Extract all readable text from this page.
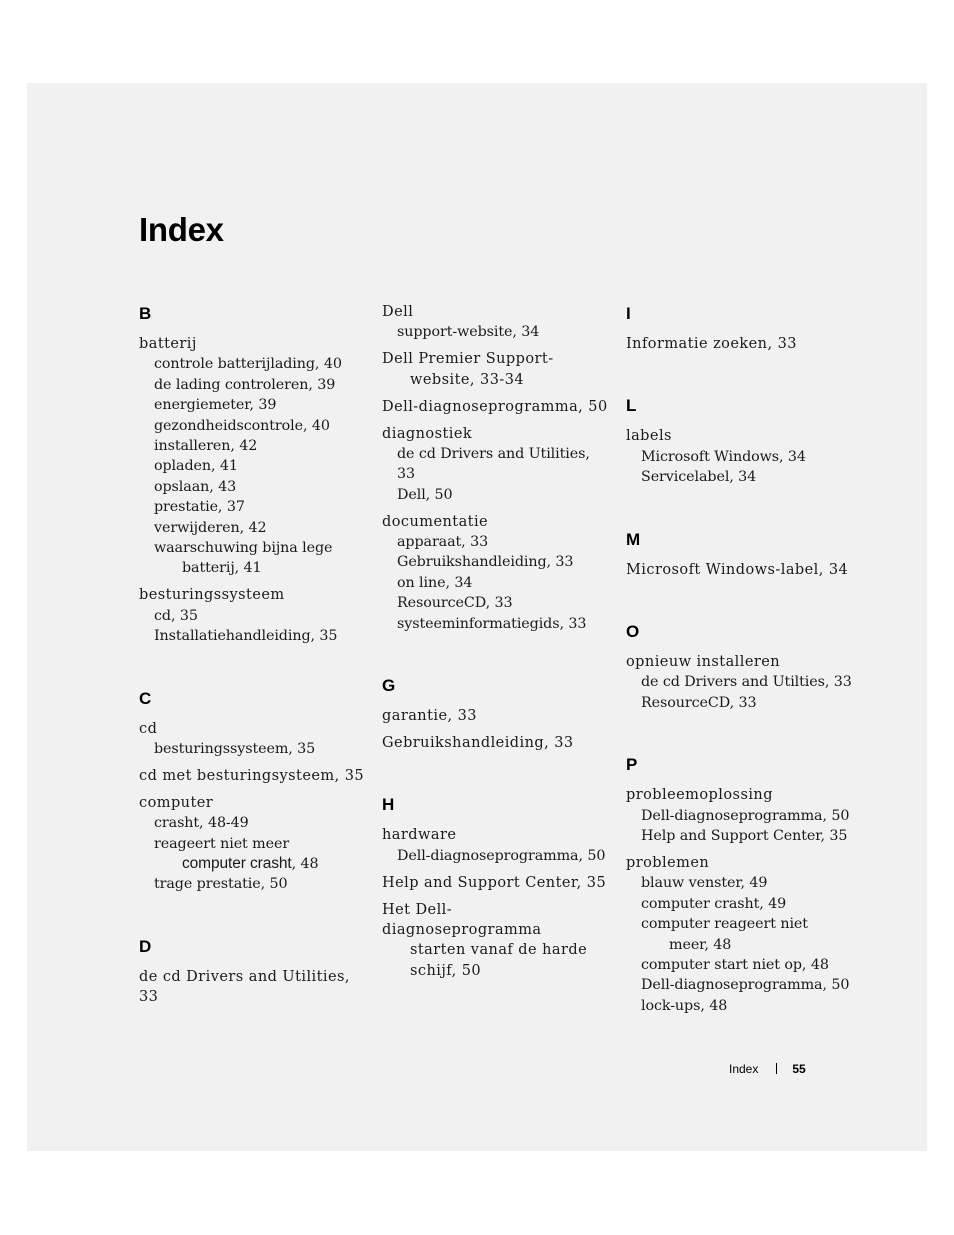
Index
B
batterij
controle batterijlading, 40
de lading controleren, 39
energiemeter, 39
gezondheidscontrole, 40
installeren, 42
opladen, 41
opslaan, 43
prestatie, 37
verwijderen, 42
waarschuwing bijna lege
batterij, 41
besturingssysteem
cd, 35
Installatiehandleiding, 35
C
cd
besturingssysteem, 35
cd met besturingsysteem, 35
computer
crasht, 48-49
reageert niet meer
computer crasht, 48
trage prestatie, 50
D
de cd Drivers and Utilities, 33
Dell
support-website, 34
Dell Premier Support-
website, 33-34
Dell-diagnoseprogramma, 50
diagnostiek
de cd Drivers and Utilities, 33
Dell, 50
documentatie
apparaat, 33
Gebruikshandleiding, 33
on line, 34
ResourceCD, 33
systeeminformatiegids, 33
G
garantie, 33
Gebruikshandleiding, 33
H
hardware
Dell-diagnoseprogramma, 50
Help and Support Center, 35
Het Dell-diagnoseprogramma
starten vanaf de harde
schijf, 50
I
Informatie zoeken, 33
L
labels
Microsoft Windows, 34
Servicelabel, 34
M
Microsoft Windows-label, 34
O
opnieuw installeren
de cd Drivers and Utilties, 33
ResourceCD, 33
P
probleemoplossing
Dell-diagnoseprogramma, 50
Help and Support Center, 35
problemen
blauw venster, 49
computer crasht, 49
computer reageert niet
meer, 48
computer start niet op, 48
Dell-diagnoseprogramma, 50
lock-ups, 48
Index	55
